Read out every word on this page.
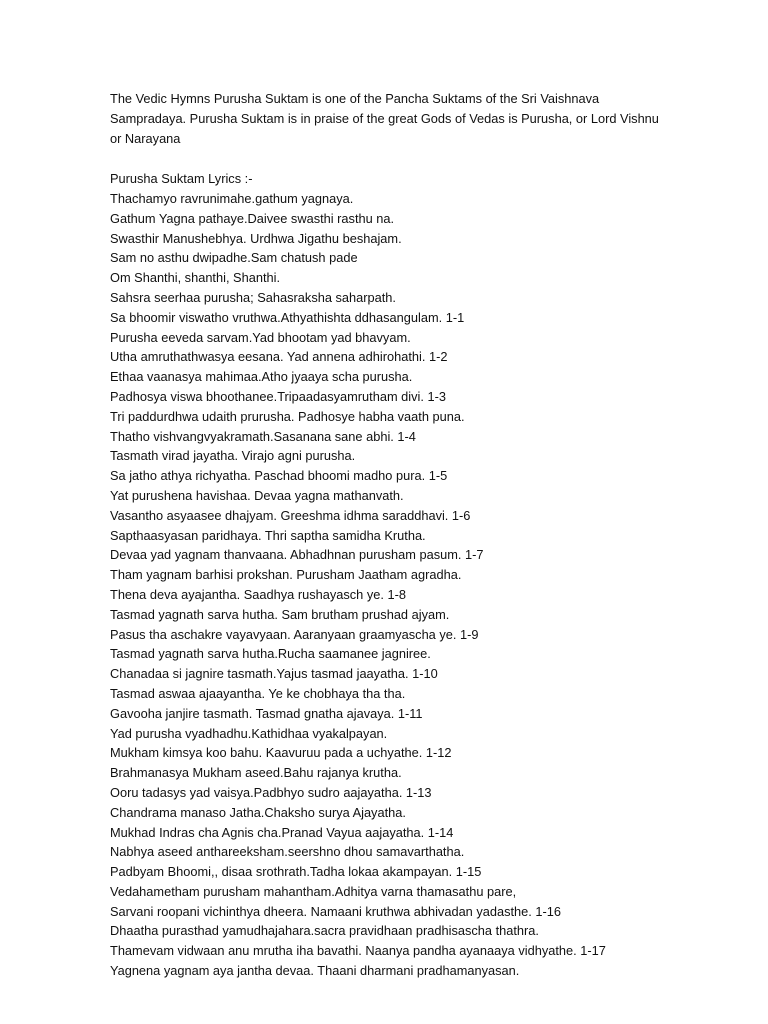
The Vedic Hymns Purusha Suktam is one of the Pancha Suktams of the Sri Vaishnava

Sampradaya. Purusha Suktam is in praise of the great Gods of Vedas is Purusha, or Lord Vishnu

or Narayana

Purusha Suktam Lyrics :-
Thachamyo ravrunimahe.gathum yagnaya.
Gathum Yagna pathaye.Daivee swasthi rasthu na.
Swasthir Manushebhya. Urdhwa Jigathu beshajam.
Sam no asthu dwipadhe.Sam chatush pade
Om Shanthi, shanthi, Shanthi.
Sahsra seerhaa purusha; Sahasraksha saharpath.
Sa bhoomir viswatho vruthwa.Athyathishta ddhasangulam. 1-1
Purusha eeveda sarvam.Yad bhootam yad bhavyam.
Utha amruthathwasya eesana. Yad annena adhirohathi. 1-2
Ethaa vaanasya mahimaa.Atho jyaaya scha purusha.
Padhosya viswa bhoothanee.Tripaadasyamrutham divi. 1-3
Tri paddurdhwa udaith prurusha. Padhosye habha vaath puna.
Thatho vishvangvyakramath.Sasanana sane abhi. 1-4
Tasmath virad jayatha. Virajo agni purusha.
Sa jatho athya richyatha. Paschad bhoomi madho pura. 1-5
Yat purushena havishaa. Devaa yagna mathanvath.
Vasantho asyaasee dhajyam. Greeshma idhma saraddhavi. 1-6
Sapthaasyasan paridhaya. Thri saptha samidha Krutha.
Devaa yad yagnam thanvaana. Abhadhnan purusham pasum. 1-7
Tham yagnam barhisi prokshan. Purusham Jaatham agradha.
Thena deva ayajantha. Saadhya rushayasch ye. 1-8
Tasmad yagnath sarva hutha. Sam brutham prushad ajyam.
Pasus tha aschakre vayavyaan. Aaranyaan graamyascha ye. 1-9
Tasmad yagnath sarva hutha.Rucha saamanee jagniree.
Chanadaa si jagnire tasmath.Yajus tasmad jaayatha. 1-10
Tasmad aswaa ajaayantha. Ye ke chobhaya tha tha.
Gavooha janjire tasmath. Tasmad gnatha ajavaya. 1-11
Yad purusha vyadhadhu.Kathidhaa vyakalpayan.
Mukham kimsya koo bahu. Kaavuruu pada a uchyathe. 1-12
Brahmanasya Mukham aseed.Bahu rajanya krutha.
Ooru tadasys yad vaisya.Padbhyo sudro aajayatha. 1-13
Chandrama manaso Jatha.Chaksho surya Ajayatha.
Mukhad Indras cha Agnis cha.Pranad Vayua aajayatha. 1-14
Nabhya aseed anthareeksham.seershno dhou samavarthatha.
Padbyam Bhoomi,, disaa srothrath.Tadha lokaa akampayan. 1-15
Vedahametham purusham mahantham.Adhitya varna thamasathu pare,
Sarvani roopani vichinthya dheera. Namaani kruthwa abhivadan yadasthe. 1-16
Dhaatha purasthad yamudhajahara.sacra pravidhaan pradhisascha thathra.
Thamevam vidwaan anu mrutha iha bavathi. Naanya pandha ayanaaya vidhyathe. 1-17
Yagnena yagnam aya jantha devaa. Thaani dharmani pradhamanyasan.
